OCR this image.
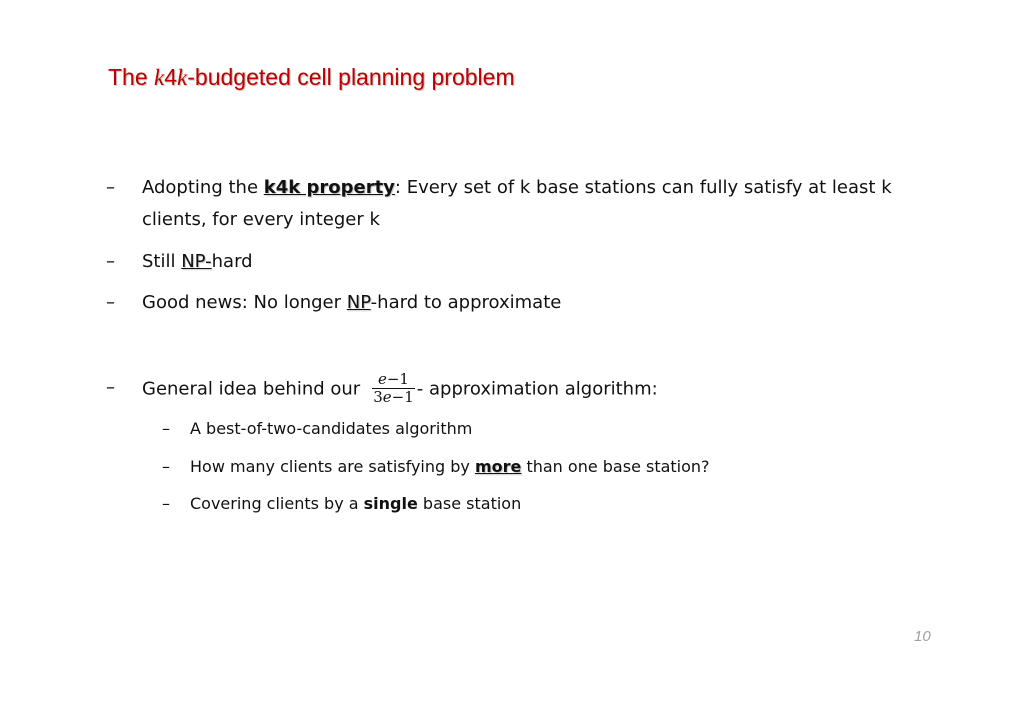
The k4k-budgeted cell planning problem
– Adopting the k4k property: Every set of k base stations can fully satisfy at least k clients, for every integer k
– Still NP-hard
– Good news: No longer NP-hard to approximate
– General idea behind our $\frac{e-1}{3e-1}$ - approximation algorithm:
– A best-of-two-candidates algorithm
– How many clients are satisfying by more than one base station?
– Covering clients by a single base station
10
